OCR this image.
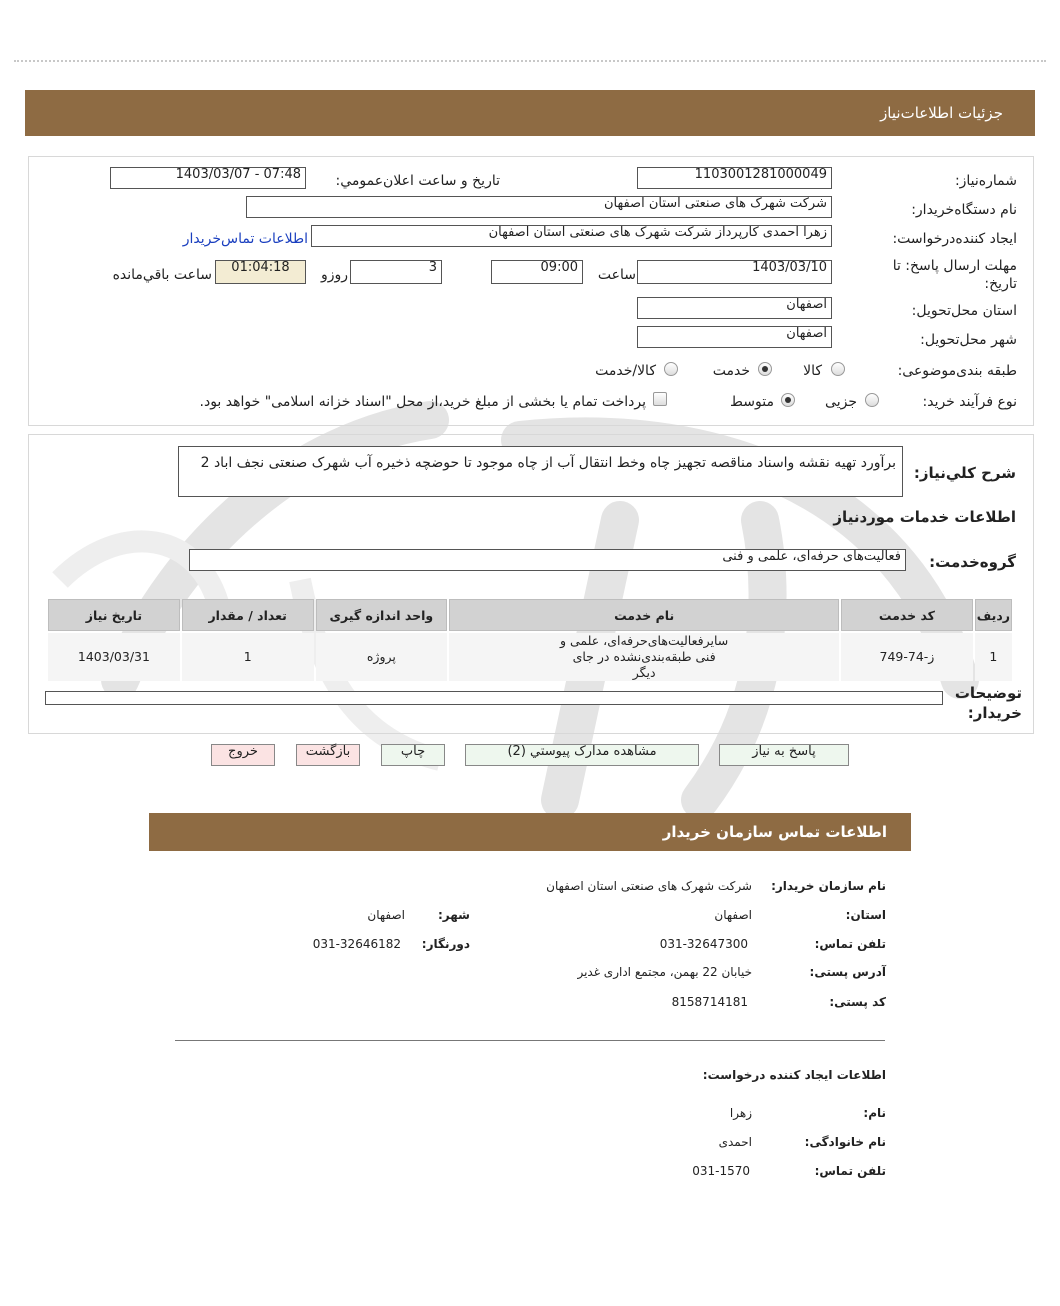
جزئيات اطلاعات‌نياز
شماره‌نياز:
1103001281000049
تاريخ و ساعت اعلان‌عمومي:
1403/03/07 - 07:48
نام دستگاه‌خريدار:
شرکت شهرک های صنعتی استان اصفهان
ايجاد کننده‌درخواست:
زهرا احمدی کارپرداز شرکت شهرک های صنعتی استان اصفهان
اطلاعات تماس‌خريدار
مهلت ارسال پاسخ: تا
تاريخ:
1403/03/10
ساعت
09:00
3
روزو
01:04:18
ساعت باقي‌مانده
استان محل‌تحويل:
اصفهان
شهر محل‌تحويل:
اصفهان
طبقه بندی‌موضوعی:
کالا
خدمت
کالا/خدمت
نوع فرآيند خريد:
جزیی
متوسط
پرداخت تمام يا بخشی از مبلغ خريد،از محل "اسناد خزانه اسلامی" خواهد بود.
شرح کلي‌نياز:
برآورد تهیه نقشه واسناد مناقصه تجهیز چاه وخط انتقال آب از چاه موجود تا حوضچه ذخیره آب شهرک صنعتی نجف اباد 2
اطلاعات خدمات موردنياز
گروه‌خدمت:
فعاليت‌های حرفه‌ای، علمی و فنی
رديف	کد خدمت	نام خدمت	واحد اندازه گيری	تعداد / مقدار	تاريخ نياز
1	ز-74-749	سايرفعاليت‌های‌حرفه‌ای، علمی و فنی طبقه‌بندی‌نشده در جای ديگر	پروژه	1	1403/03/31
توضيحات خريدار:
پاسخ به نياز
مشاهده مدارک پيوستي (2)
چاپ
بازگشت
خروج
اطلاعات تماس سازمان خريدار
نام سازمان خريدار:
شرکت شهرک های صنعتی استان اصفهان
استان:
اصفهان
شهر:
اصفهان
تلفن تماس:
031-32647300
دورنگار:
031-32646182
آدرس پستی:
خیابان 22 بهمن، مجتمع اداری غدیر
کد پستی:
8158714181
اطلاعات ایجاد کننده درخواست:
نام:
زهرا
نام خانوادگی:
احمدی
تلفن تماس:
031-1570
